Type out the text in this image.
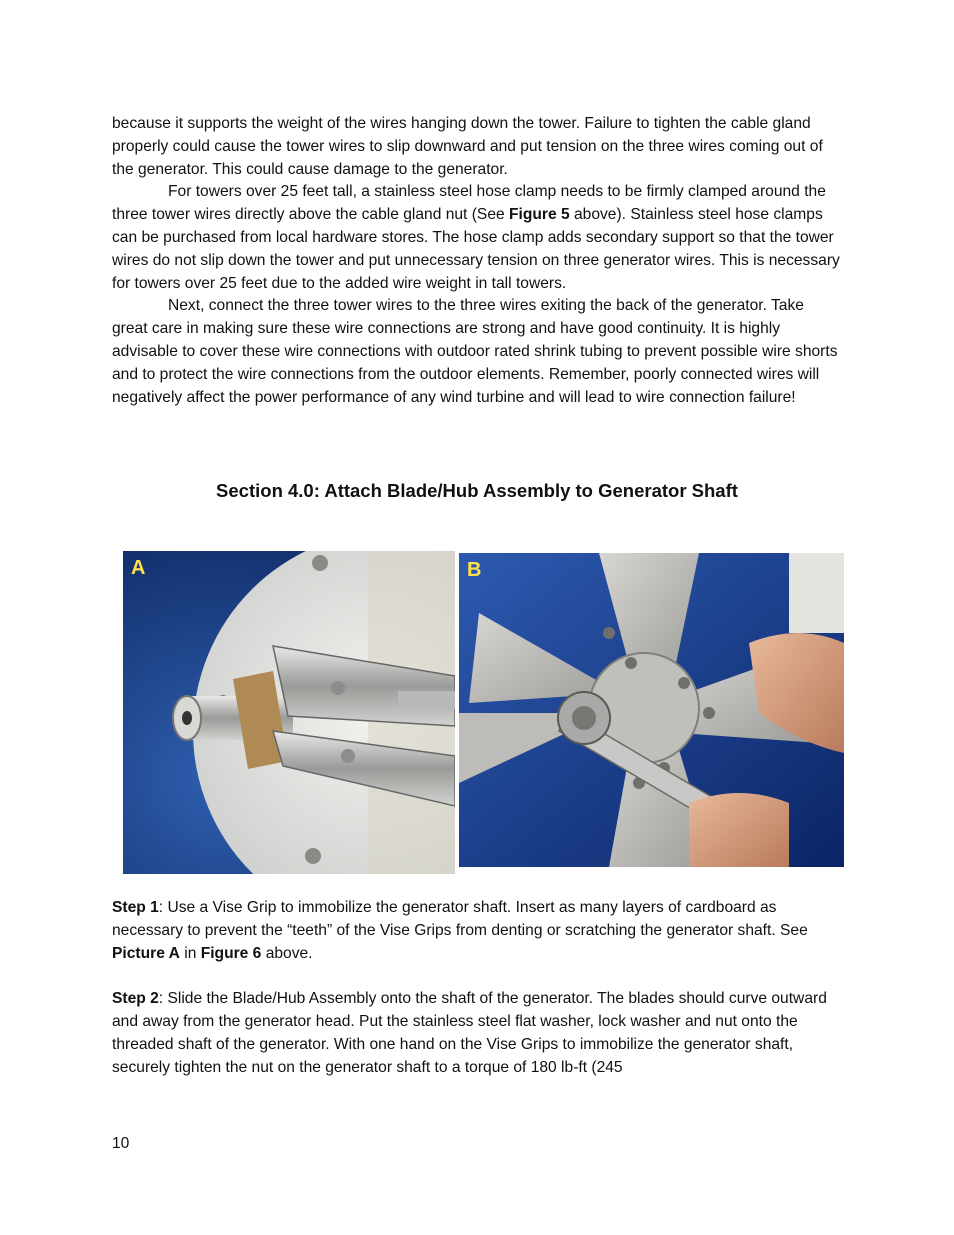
because it supports the weight of the wires hanging down the tower. Failure to tighten the cable gland properly could cause the tower wires to slip downward and put tension on the three wires coming out of the generator. This could cause damage to the generator.

For towers over 25 feet tall, a stainless steel hose clamp needs to be firmly clamped around the three tower wires directly above the cable gland nut (See Figure 5 above). Stainless steel hose clamps can be purchased from local hardware stores. The hose clamp adds secondary support so that the tower wires do not slip down the tower and put unnecessary tension on three generator wires. This is necessary for towers over 25 feet due to the added wire weight in tall towers.

Next, connect the three tower wires to the three wires exiting the back of the generator. Take great care in making sure these wire connections are strong and have good continuity. It is highly advisable to cover these wire connections with outdoor rated shrink tubing to prevent possible wire shorts and to protect the wire connections from the outdoor elements. Remember, poorly connected wires will negatively affect the power performance of any wind turbine and will lead to wire connection failure!

Section 4.0: Attach Blade/Hub Assembly to Generator Shaft
A	B

Step 1: Use a Vise Grip to immobilize the generator shaft. Insert as many layers of cardboard as necessary to prevent the “teeth” of the Vise Grips from denting or scratching the generator shaft. See Picture A in Figure 6 above.

Step 2: Slide the Blade/Hub Assembly onto the shaft of the generator. The blades should curve outward and away from the generator head. Put the stainless steel flat washer, lock washer and nut onto the threaded shaft of the generator. With one hand on the Vise Grips to immobilize the generator shaft, securely tighten the nut on the generator shaft to a torque of 180 lb-ft (245

10
